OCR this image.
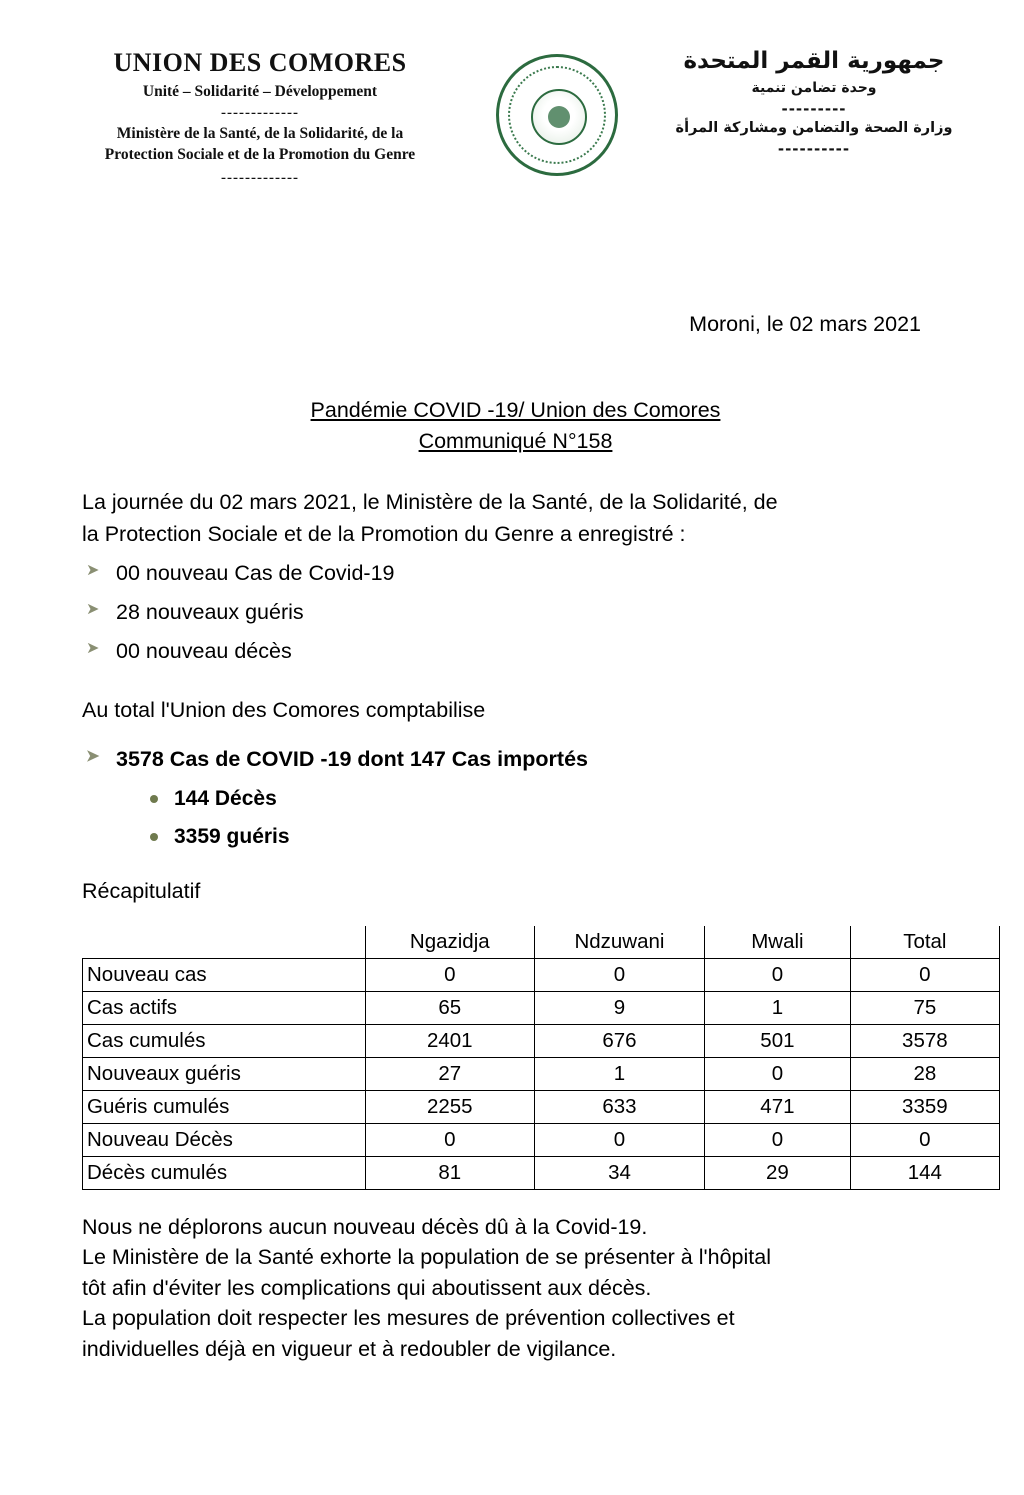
UNION DES COMORES
Unité – Solidarité – Développement
-------------
Ministère de la Santé, de la Solidarité, de la
Protection Sociale et de la Promotion du Genre
-------------
جمهورية القمر المتحدة
وحدة تضامن تنمية
---------
وزارة الصحة والتضامن ومشاركة المرأة
----------
Moroni, le 02 mars 2021
Pandémie COVID -19/ Union des Comores
Communiqué N°158
La journée du 02 mars 2021, le Ministère de la Santé, de la Solidarité, de
la Protection Sociale et de la Promotion du Genre a enregistré :
➤ 00 nouveau Cas de Covid-19
➤ 28 nouveaux guéris
➤ 00 nouveau décès
Au total l'Union des Comores comptabilise
➤ 3578 Cas de COVID -19 dont 147 Cas importés
144 Décès
3359 guéris
Récapitulatif
	Ngazidja	Ndzuwani	Mwali	Total
Nouveau cas	0	0	0	0
Cas actifs	65	9	1	75
Cas cumulés	2401	676	501	3578
Nouveaux guéris	27	1	0	28
Guéris cumulés	2255	633	471	3359
Nouveau Décès	0	0	0	0
Décès cumulés	81	34	29	144

Nous ne déplorons aucun nouveau décès dû à la Covid-19.

Le Ministère de la Santé exhorte la population de se présenter à l'hôpital

tôt afin d'éviter les complications qui aboutissent aux décès.

La population doit respecter les mesures de prévention collectives et

individuelles déjà en vigueur et à redoubler de vigilance.
